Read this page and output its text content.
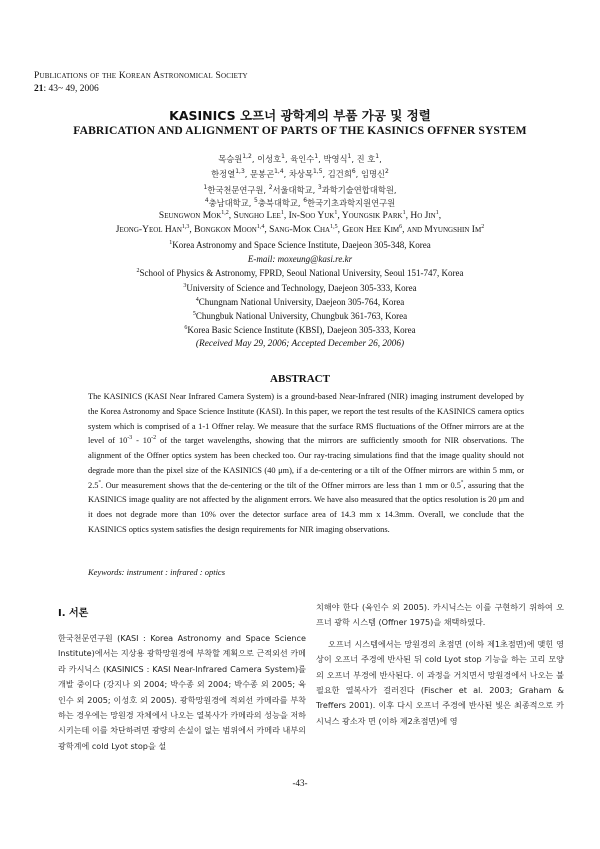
Publications of the Korean Astronomical Society
21: 43~ 49, 2006
KASINICS 오프너 광학계의 부품 가공 및 정렬
FABRICATION AND ALIGNMENT OF PARTS OF THE KASINICS OFFNER SYSTEM
목승원$^{1,2}$, 이성호$^1$, 육인수$^1$, 박영식$^1$, 진 호$^1$,
한정열$^{1,3}$, 문봉곤$^{1,4}$, 차상목$^{1,5}$, 김건희$^6$, 임명신$^2$
$^1$한국천문연구원, $^2$서울대학교, $^3$과학기술연합대학원,
$^4$충남대학교, $^5$충북대학교, $^6$한국기초과학지원연구원
Seungwon Mok$^{1,2}$, Sungho Lee$^1$, In-Soo Yuk$^1$, Youngsik Park$^1$, Ho Jin$^1$,
Jeong-Yeol Han$^{1,3}$, Bongkon Moon$^{1,4}$, Sang-Mok Cha$^{1,5}$, Geon Hee Kim$^6$, and Myungshin Im$^2$
$^1$Korea Astronomy and Space Science Institute, Daejeon 305-348, Korea
E-mail: moxeung@kasi.re.kr
$^2$School of Physics & Astronomy, FPRD, Seoul National University, Seoul 151-747, Korea
$^3$University of Science and Technology, Daejeon 305-333, Korea
$^4$Chungnam National University, Daejeon 305-764, Korea
$^5$Chungbuk National University, Chungbuk 361-763, Korea
$^6$Korea Basic Science Institute (KBSI), Daejeon 305-333, Korea
(Received May 29, 2006; Accepted December 26, 2006)
ABSTRACT
The KASINICS (KASI Near Infrared Camera System) is a ground-based Near-Infrared (NIR) imaging instrument developed by the Korea Astronomy and Space Science Institute (KASI). In this paper, we report the test results of the KASINICS camera optics system which is comprised of a 1-1 Offner relay. We measure that the surface RMS fluctuations of the Offner mirrors are at the level of $10^{-3} - 10^{-2}$ of the target wavelengths, showing that the mirrors are sufficiently smooth for NIR observations. The alignment of the Offner optics system has been checked too. Our ray-tracing simulations find that the image quality should not degrade more than the pixel size of the KASINICS (40 μm), if a de-centering or a tilt of the Offner mirrors are within 5 mm, or 2.5°. Our measurement shows that the de-centering or the tilt of the Offner mirrors are less than 1 mm or 0.5°, assuring that the KASINICS image quality are not affected by the alignment errors. We have also measured that the optics resolution is 20 μm and it does not degrade more than 10% over the detector surface area of 14.3 mm x 14.3mm. Overall, we conclude that the KASINICS optics system satisfies the design requirements for NIR imaging observations.
Keywords: instrument : infrared : optics
I. 서론

한국천문연구원 (KASI : Korea Astronomy and Space Science Institute)에서는 지상용 광학망원경에 부착할 계획으로 근적외선 카메라 카시닉스 (KASINICS : KASI Near-Infrared Camera System)를 개발 중이다 (강지나 외 2004; 박수종 외 2004; 박수종 외 2005; 육인수 외 2005; 이성호 외 2005). 광학망원경에 적외선 카메라를 부착하는 경우에는 망원경 자체에서 나오는 열복사가 카메라의 성능을 저하시키는데 이를 차단하려면 광량의 손실이 없는 범위에서 카메라 내부의 광학계에 cold Lyot stop을 설

치해야 한다 (육인수 외 2005). 카시닉스는 이를 구현하기 위하여 오프너 광학 시스템 (Offner 1975)을 채택하였다.

오프너 시스템에서는 망원경의 초점면 (이하 제1초점면)에 맺힌 영상이 오프너 주경에 반사된 뒤 cold Lyot stop 기능을 하는 고리 모양의 오프너 부경에 반사된다. 이 과정을 거치면서 망원경에서 나오는 불필요한 열복사가 걸러진다 (Fischer et al. 2003; Graham & Treffers 2001). 이후 다시 오프너 주경에 반사된 빛은 최종적으로 카시닉스 광소자 면 (이하 제2초점면)에 영

-43-
